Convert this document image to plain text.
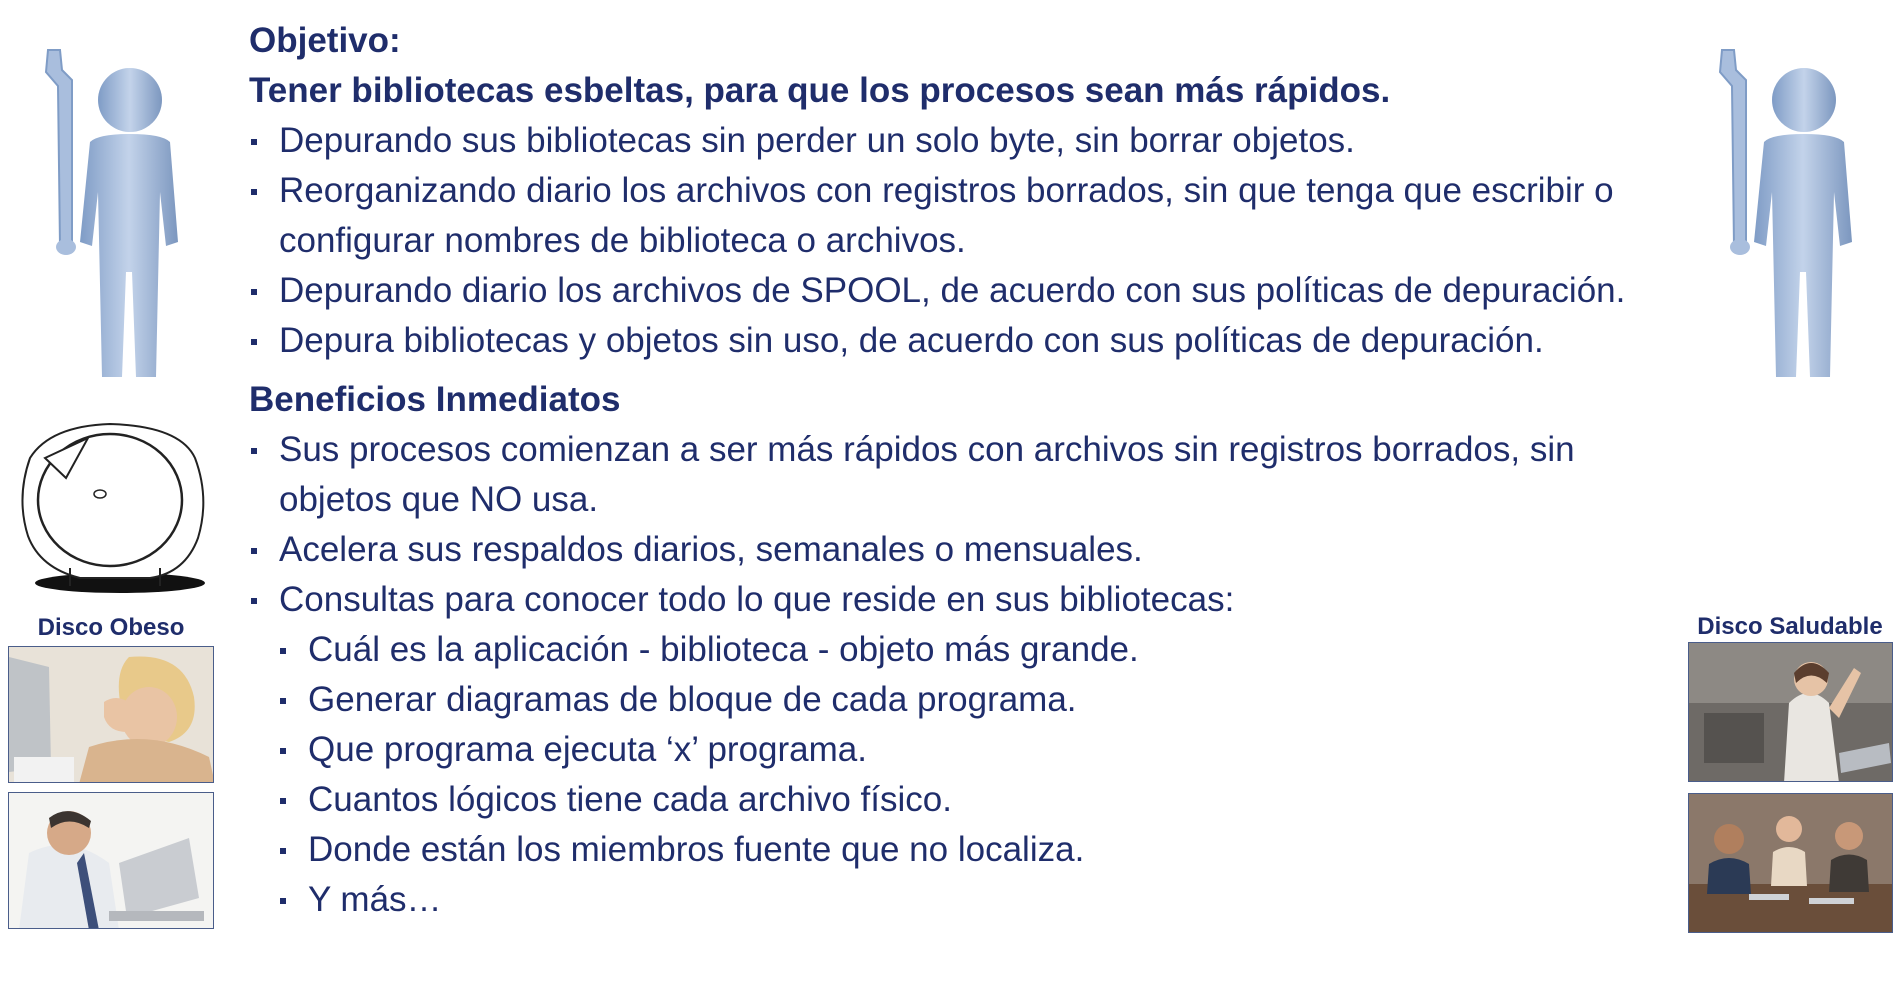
Disco Obeso	Disco Saludable

Objetivo:

Tener bibliotecas esbeltas, para que los procesos sean más rápidos.

Depurando sus bibliotecas sin perder un solo byte, sin borrar objetos.
Reorganizando diario los archivos con registros borrados, sin que tenga que escribir o configurar nombres de biblioteca o archivos.
Depurando diario los archivos de SPOOL, de acuerdo con sus políticas de depuración.
Depura bibliotecas y objetos sin uso, de acuerdo con sus políticas de depuración.

Beneficios Inmediatos

Sus procesos comienzan a ser más rápidos con archivos sin registros borrados, sin objetos que NO usa.
Acelera sus respaldos diarios, semanales o mensuales.
Consultas para conocer todo lo que reside en sus bibliotecas:
Cuál es la aplicación - biblioteca - objeto más grande.
Generar diagramas de bloque de cada programa.
Que programa ejecuta ‘x’ programa.
Cuantos lógicos tiene cada archivo físico.
Donde están los miembros fuente que no localiza.
Y más…
